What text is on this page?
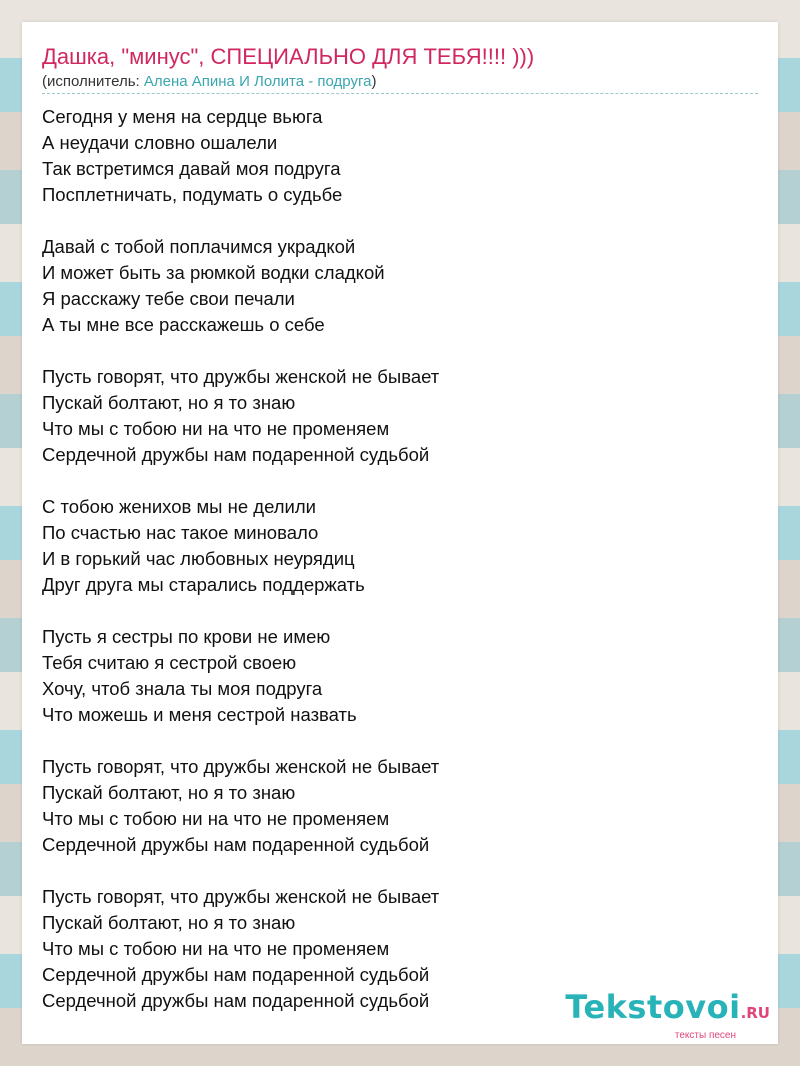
Дашка, "минус", СПЕЦИАЛЬНО ДЛЯ ТЕБЯ!!!! )))
(исполнитель: Алена Апина И Лолита - подруга)
Сегодня у меня на сердце вьюга
А неудачи словно ошалели
Так встретимся давай моя подруга
Посплетничать, подумать о судьбе
Давай с тобой поплачимся украдкой
И может быть за рюмкой водки сладкой
Я расскажу тебе свои печали
А ты мне все расскажешь о себе
Пусть говорят, что дружбы женской не бывает
Пускай болтают, но я то знаю
Что мы с тобою ни на что не променяем
Сердечной дружбы нам подаренной судьбой
С тобою женихов мы не делили
По счастью нас такое миновало
И в горький час любовных неурядиц
Друг друга мы старались поддержать
Пусть я сестры по крови не имею
Тебя считаю я сестрой своею
Хочу, чтоб знала ты моя подруга
Что можешь и меня сестрой назвать
Пусть говорят, что дружбы женской не бывает
Пускай болтают, но я то знаю
Что мы с тобою ни на что не променяем
Сердечной дружбы нам подаренной судьбой
Пусть говорят, что дружбы женской не бывает
Пускай болтают, но я то знаю
Что мы с тобою ни на что не променяем
Сердечной дружбы нам подаренной судьбой
Сердечной дружбы нам подаренной судьбой	Tekstovoi.RU
тексты песен
